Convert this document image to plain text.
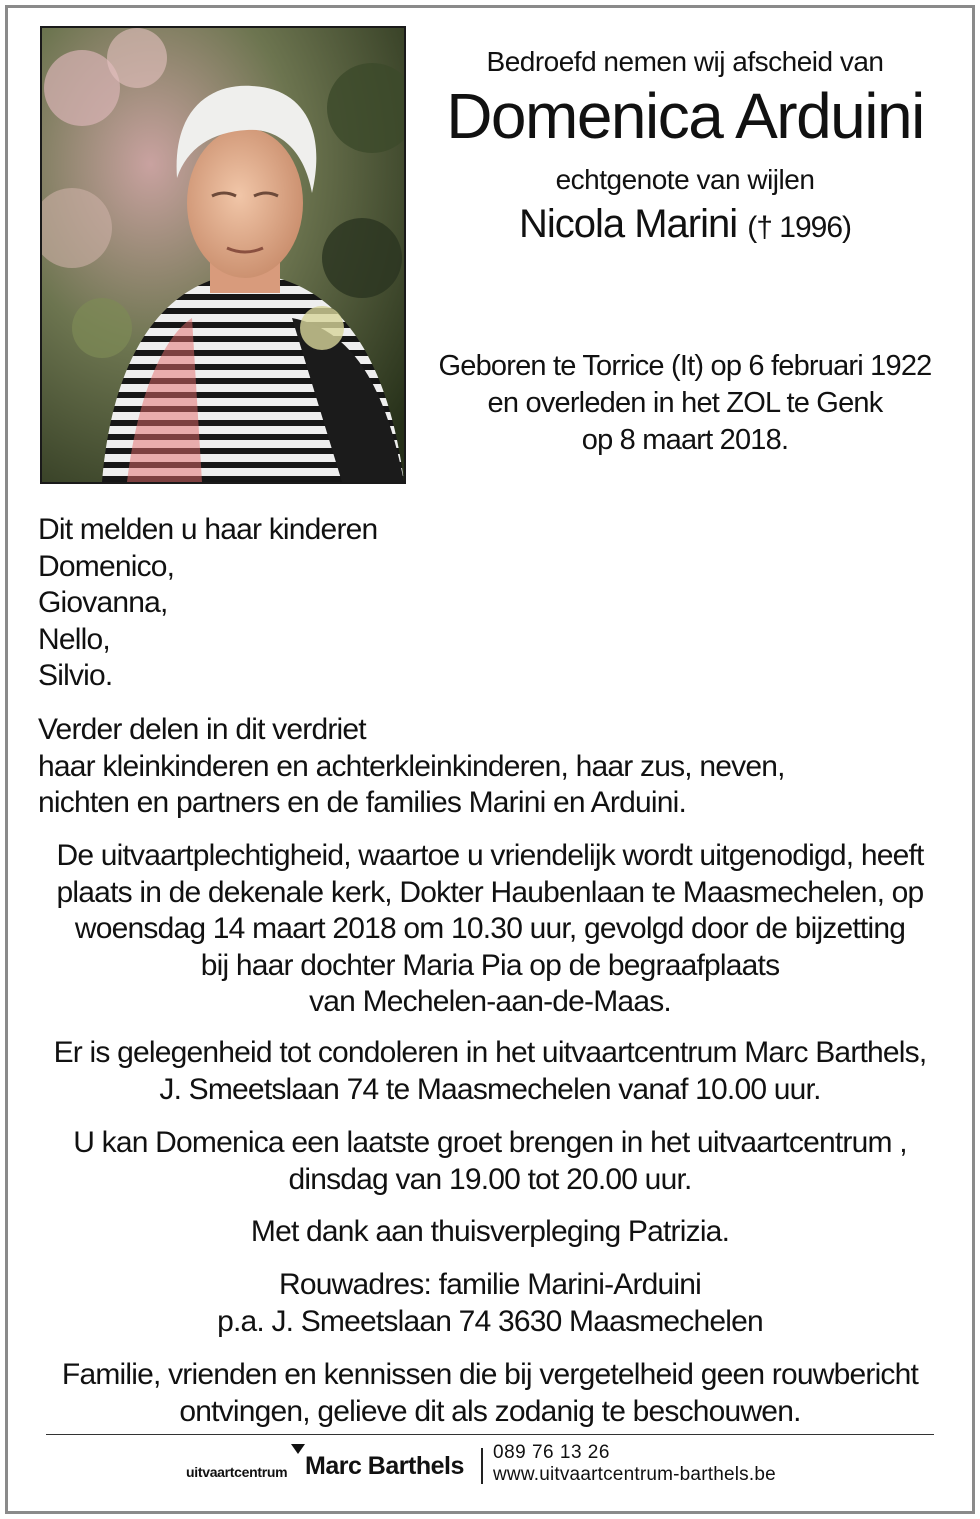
Bedroefd nemen wij afscheid van
Domenica Arduini
echtgenote van wijlen
Nicola Marini († 1996)
Geboren te Torrice (It) op 6 februari 1922
en overleden in het ZOL te Genk
op 8 maart 2018.
Dit melden u haar kinderen
Domenico,
Giovanna,
Nello,
Silvio.
Verder delen in dit verdriet
haar kleinkinderen en achterkleinkinderen, haar zus, neven,
nichten en partners en de families Marini en Arduini.
De uitvaartplechtigheid, waartoe u vriendelijk wordt uitgenodigd, heeft
plaats in de dekenale kerk, Dokter Haubenlaan te Maasmechelen, op
woensdag 14 maart 2018 om 10.30 uur, gevolgd door de bijzetting
bij haar dochter Maria Pia op de begraafplaats
van Mechelen-aan-de-Maas.
Er is gelegenheid tot condoleren in het uitvaartcentrum Marc Barthels,
J. Smeetslaan 74 te Maasmechelen vanaf 10.00 uur.
U kan Domenica een laatste groet brengen in het uitvaartcentrum ,
dinsdag van 19.00 tot 20.00 uur.
Met dank aan thuisverpleging Patrizia.
Rouwadres: familie Marini-Arduini
p.a. J. Smeetslaan 74 3630 Maasmechelen
Familie, vrienden en kennissen die bij vergetelheid geen rouwbericht
ontvingen, gelieve dit als zodanig te beschouwen.
uitvaartcentrum Marc Barthels 089 76 13 26
www.uitvaartcentrum-barthels.be
